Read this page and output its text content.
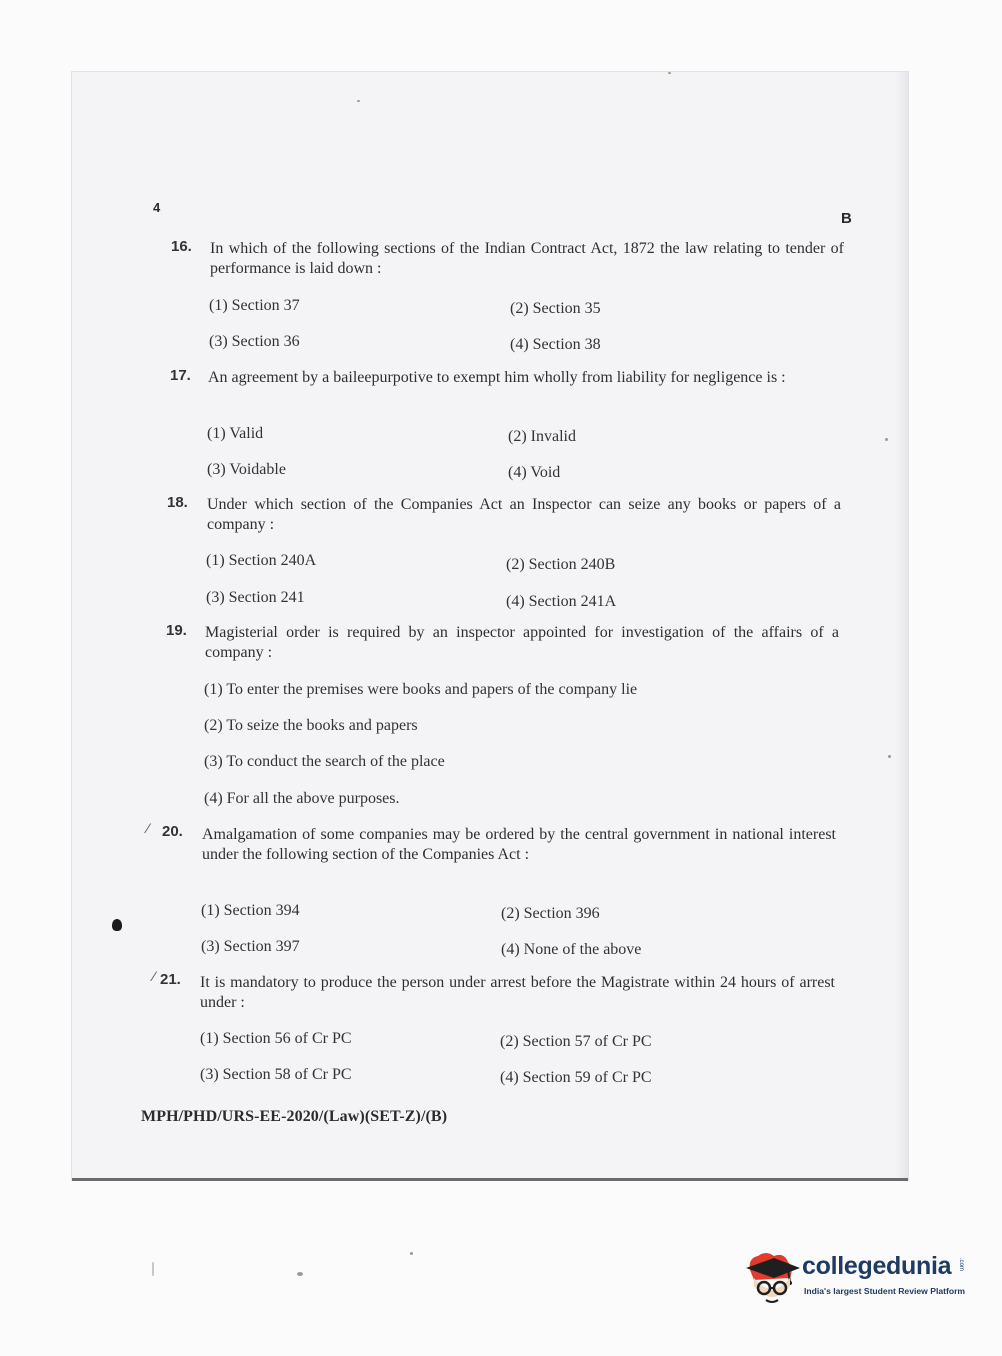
4
B
16. In which of the following sections of the Indian Contract Act, 1872 the law relating to tender of performance is laid down :
(1) Section 37	(2) Section 35
(3) Section 36	(4) Section 38
17. An agreement by a baileepurpotive to exempt him wholly from liability for negligence is :
(1) Valid	(2) Invalid
(3) Voidable	(4) Void
18. Under which section of the Companies Act an Inspector can seize any books or papers of a company :
(1) Section 240A	(2) Section 240B
(3) Section 241	(4) Section 241A
19. Magisterial order is required by an inspector appointed for investigation of the affairs of a company :
(1) To enter the premises were books and papers of the company lie
(2) To seize the books and papers
(3) To conduct the search of the place
(4) For all the above purposes.
⁄ 20. Amalgamation of some companies may be ordered by the central government in national interest under the following section of the Companies Act :
(1) Section 394	(2) Section 396
(3) Section 397	(4) None of the above
⁄ 21. It is mandatory to produce the person under arrest before the Magistrate within 24 hours of arrest under :
(1) Section 56 of Cr PC	(2) Section 57 of Cr PC
(3) Section 58 of Cr PC	(4) Section 59 of Cr PC
MPH/PHD/URS-EE-2020/(Law)(SET-Z)/(B)
collegedunia .com
India's largest Student Review Platform
